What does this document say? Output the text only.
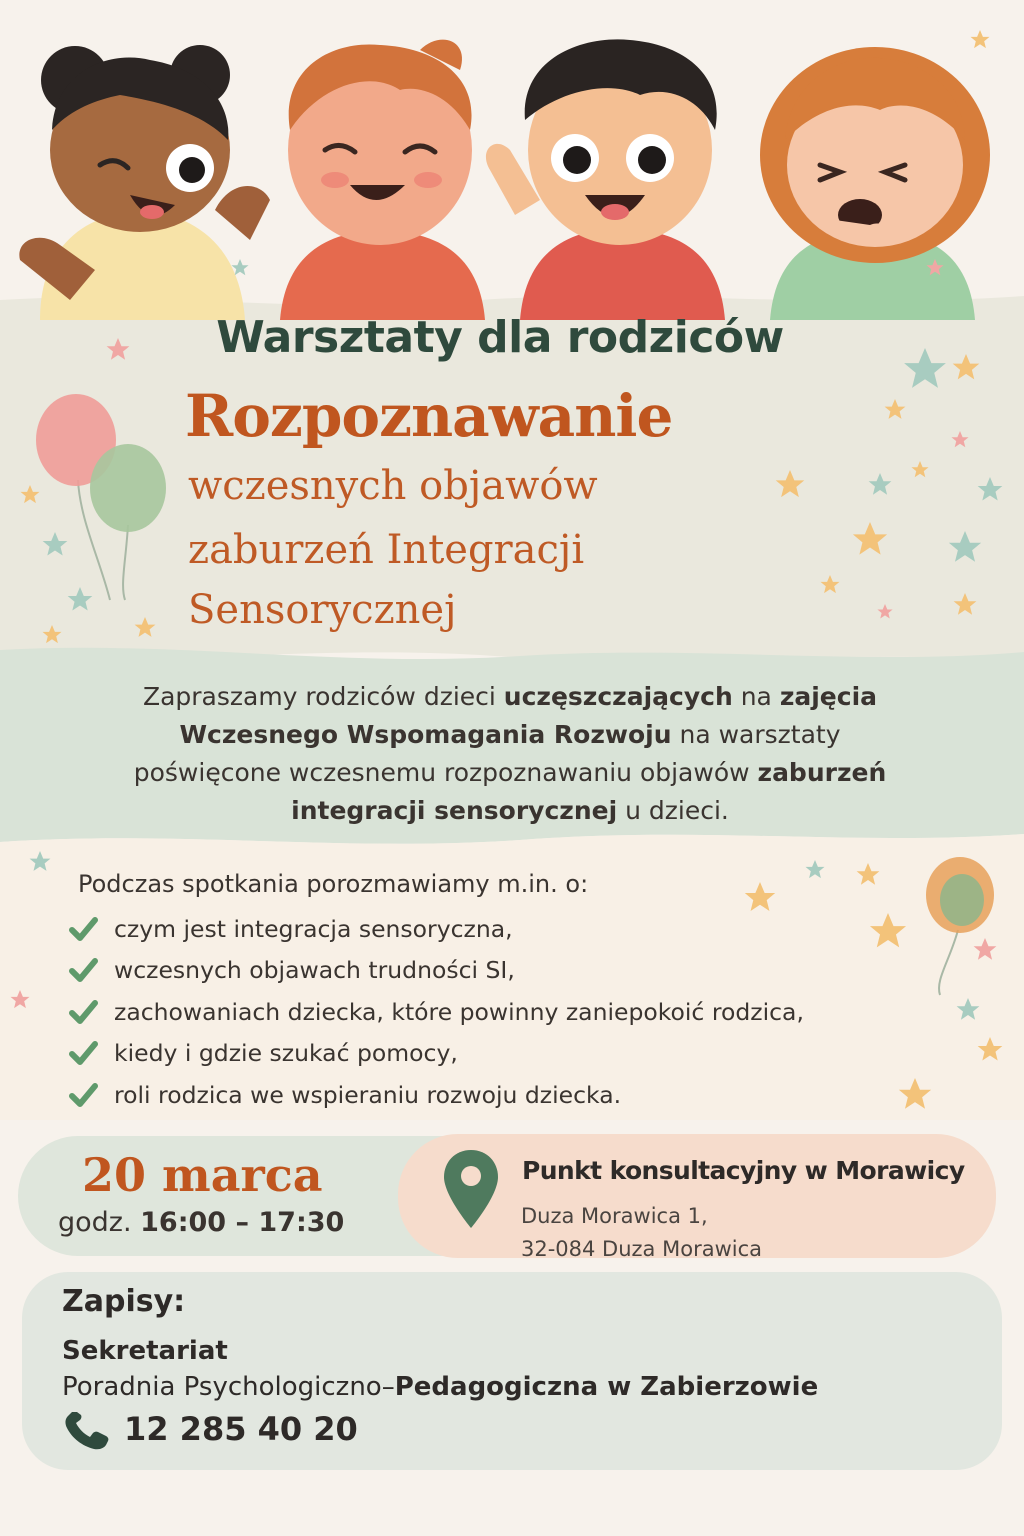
Warsztaty dla rodziców
Rozpoznawanie
wczesnych objawów
zaburzeń Integracji
Sensorycznej
Zapraszamy rodziców dzieci uczęszczających na zajęcia
Wczesnego Wspomagania Rozwoju na warsztaty
poświęcone wczesnemu rozpoznawaniu objawów zaburzeń
integracji sensorycznej u dzieci.
Podczas spotkania porozmawiamy m.in. o:
czym jest integracja sensoryczna,
wczesnych objawach trudności SI,
zachowaniach dziecka, które powinny zaniepokoić rodzica,
kiedy i gdzie szukać pomocy,
roli rodzica we wspieraniu rozwoju dziecka.
20 marca
godz. 16:00 – 17:30
Punkt konsultacyjny w Morawicy
Duza Morawica 1,
32-084 Duza Morawica
Zapisy:
Sekretariat
Poradnia Psychologiczno–Pedagogiczna w Zabierzowie
12 285 40 20
